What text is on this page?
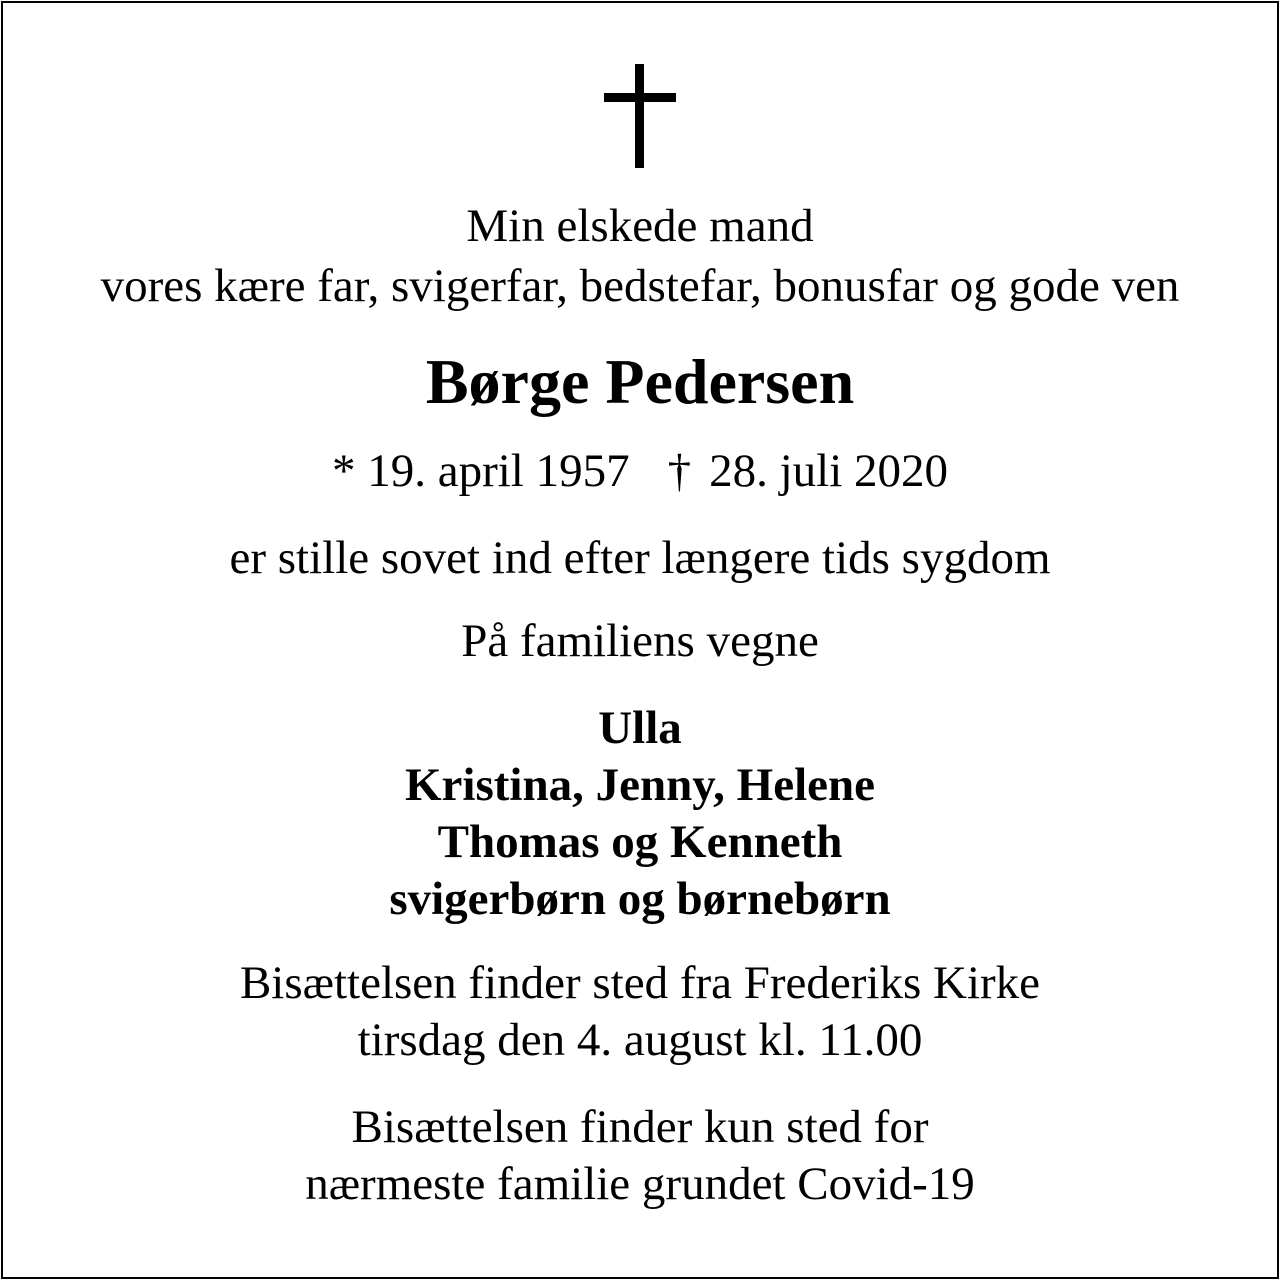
Min elskede mand
vores kære far, svigerfar, bedstefar, bonusfar og gode ven
Børge Pedersen
* 19. april 1957 † 28. juli 2020
er stille sovet ind efter længere tids sygdom
På familiens vegne
Ulla
Kristina, Jenny, Helene
Thomas og Kenneth
svigerbørn og børnebørn
Bisættelsen finder sted fra Frederiks Kirke
tirsdag den 4. august kl. 11.00
Bisættelsen finder kun sted for
nærmeste familie grundet Covid-19
